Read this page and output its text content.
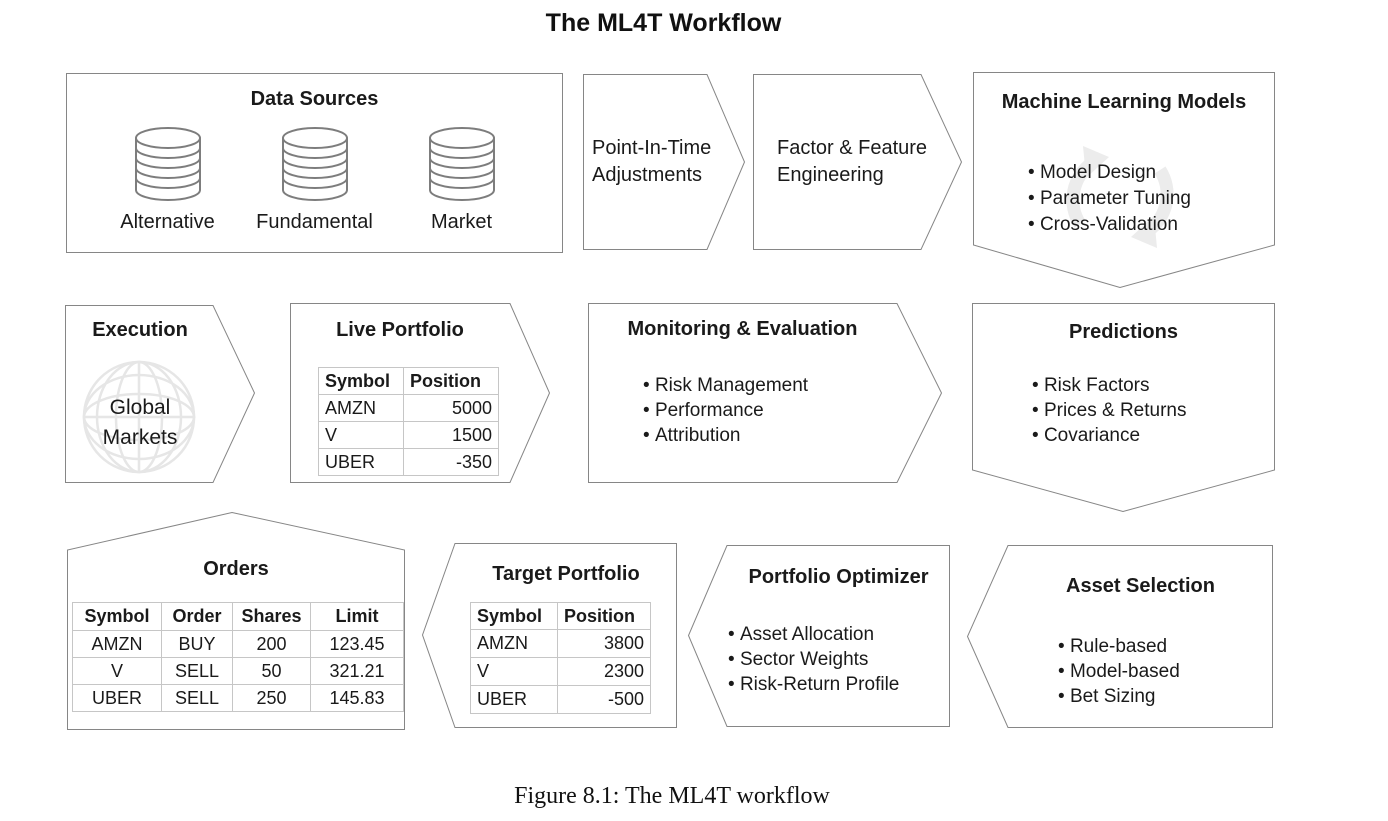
The ML4T Workflow
Data Sources
Alternative Fundamental	Market
Point-In-Time
Adjustments
Factor & Feature
Engineering
Machine Learning Models
• Model Design
• Parameter Tuning
• Cross-Validation
Execution
Global
Markets
Live Portfolio
Symbol	Position
AMZN	5000
V	1500
UBER	-350
Monitoring & Evaluation
• Risk Management
• Performance
• Attribution
Predictions
• Risk Factors
• Prices & Returns
• Covariance
Orders
Symbol	Order	Shares	Limit
AMZN	BUY	200	123.45
V	SELL	50	321.21
UBER	SELL	250	145.83
Target Portfolio
Symbol	Position
AMZN	3800
V	2300
UBER	-500
Portfolio Optimizer
• Asset Allocation
• Sector Weights
• Risk-Return Profile
Asset Selection
• Rule-based
• Model-based
• Bet Sizing
Figure 8.1: The ML4T workflow
